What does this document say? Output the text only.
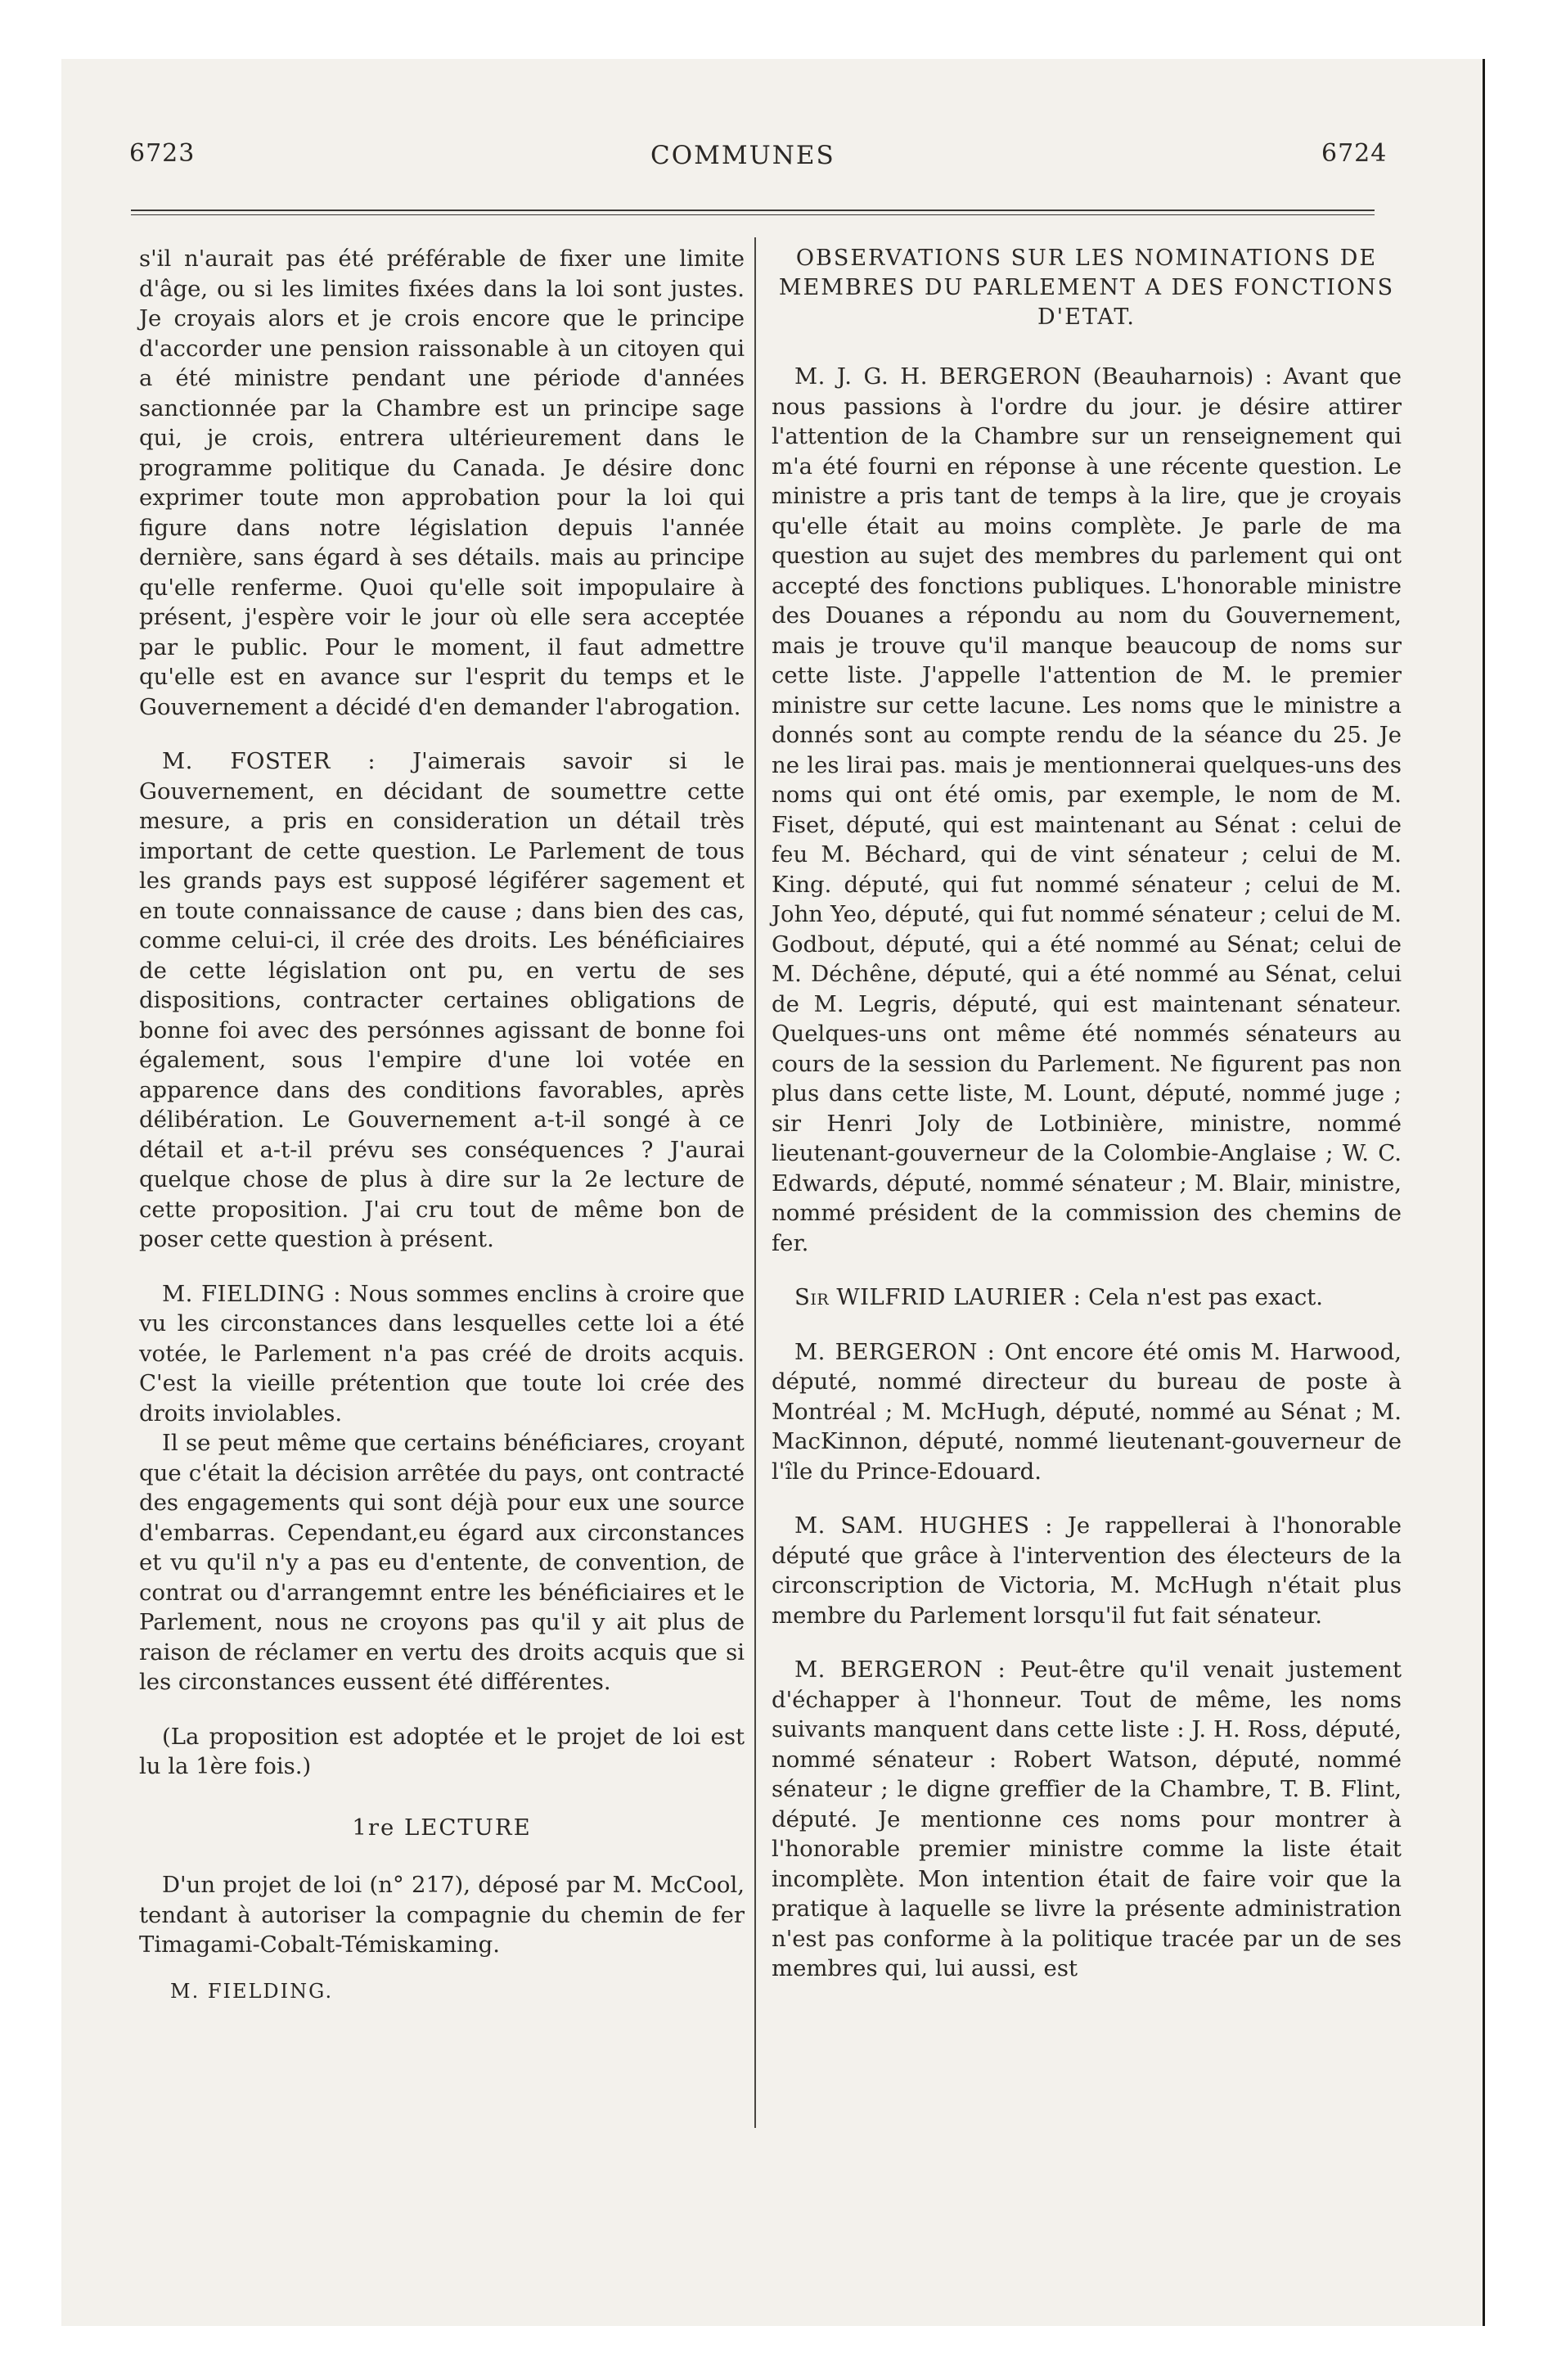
6723	COMMUNES	6724

s'il n'aurait pas été préférable de fixer une limite d'âge, ou si les limites fixées dans la loi sont justes. Je croyais alors et je crois encore que le principe d'accorder une pension raissonable à un citoyen qui a été ministre pendant une période d'années sanctionnée par la Chambre est un principe sage qui, je crois, entrera ultérieurement dans le programme politique du Canada. Je désire donc exprimer toute mon approbation pour la loi qui figure dans notre législation depuis l'année dernière, sans égard à ses détails. mais au principe qu'elle renferme. Quoi qu'elle soit impopulaire à présent, j'espère voir le jour où elle sera acceptée par le public. Pour le moment, il faut admettre qu'elle est en avance sur l'esprit du temps et le Gouvernement a décidé d'en demander l'abrogation.

M. FOSTER : J'aimerais savoir si le Gouvernement, en décidant de soumettre cette mesure, a pris en consideration un détail très important de cette question. Le Parlement de tous les grands pays est supposé légiférer sagement et en toute connaissance de cause ; dans bien des cas, comme celui-ci, il crée des droits. Les bénéficiaires de cette législation ont pu, en vertu de ses dispositions, contracter certaines obligations de bonne foi avec des persónnes agissant de bonne foi également, sous l'empire d'une loi votée en apparence dans des conditions favorables, après délibération. Le Gouvernement a-t-il songé à ce détail et a-t-il prévu ses conséquences ? J'aurai quelque chose de plus à dire sur la 2e lecture de cette proposition. J'ai cru tout de même bon de poser cette question à présent.

M. FIELDING : Nous sommes enclins à croire que vu les circonstances dans lesquelles cette loi a été votée, le Parlement n'a pas créé de droits acquis. C'est la vieille prétention que toute loi crée des droits inviolables.

Il se peut même que certains bénéficiares, croyant que c'était la décision arrêtée du pays, ont contracté des engagements qui sont déjà pour eux une source d'embarras. Cependant,eu égard aux circonstances et vu qu'il n'y a pas eu d'entente, de convention, de contrat ou d'arrangemnt entre les bénéficiaires et le Parlement, nous ne croyons pas qu'il y ait plus de raison de réclamer en vertu des droits acquis que si les circonstances eussent été différentes.

(La proposition est adoptée et le projet de loi est lu la 1ère fois.)

1re LECTURE

D'un projet de loi (n° 217), déposé par M. McCool, tendant à autoriser la compagnie du chemin de fer Timagami-Cobalt-Témiskaming.

M. FIELDING.
OBSERVATIONS SUR LES NOMINATIONS DE MEMBRES DU PARLEMENT A DES FONCTIONS D'ETAT.

M. J. G. H. BERGERON (Beauharnois) : Avant que nous passions à l'ordre du jour. je désire attirer l'attention de la Chambre sur un renseignement qui m'a été fourni en réponse à une récente question. Le ministre a pris tant de temps à la lire, que je croyais qu'elle était au moins complète. Je parle de ma question au sujet des membres du parlement qui ont accepté des fonctions publiques. L'honorable ministre des Douanes a répondu au nom du Gouvernement, mais je trouve qu'il manque beaucoup de noms sur cette liste. J'appelle l'attention de M. le premier ministre sur cette lacune. Les noms que le ministre a donnés sont au compte rendu de la séance du 25. Je ne les lirai pas. mais je mentionnerai quelques-uns des noms qui ont été omis, par exemple, le nom de M. Fiset, député, qui est maintenant au Sénat : celui de feu M. Béchard, qui de vint sénateur ; celui de M. King. député, qui fut nommé sénateur ; celui de M. John Yeo, député, qui fut nommé sénateur ; celui de M. Godbout, député, qui a été nommé au Sénat; celui de M. Déchêne, député, qui a été nommé au Sénat, celui de M. Legris, député, qui est maintenant sénateur. Quelques-uns ont même été nommés sénateurs au cours de la session du Parlement. Ne figurent pas non plus dans cette liste, M. Lount, député, nommé juge ; sir Henri Joly de Lotbinière, ministre, nommé lieutenant-gouverneur de la Colombie-Anglaise ; W. C. Edwards, député, nommé sénateur ; M. Blair, ministre, nommé président de la commission des chemins de fer.

Sir WILFRID LAURIER : Cela n'est pas exact.

M. BERGERON : Ont encore été omis M. Harwood, député, nommé directeur du bureau de poste à Montréal ; M. McHugh, député, nommé au Sénat ; M. MacKinnon, député, nommé lieutenant-gouverneur de l'île du Prince-Edouard.

M. SAM. HUGHES : Je rappellerai à l'honorable député que grâce à l'intervention des électeurs de la circonscription de Victoria, M. McHugh n'était plus membre du Parlement lorsqu'il fut fait sénateur.

M. BERGERON : Peut-être qu'il venait justement d'échapper à l'honneur. Tout de même, les noms suivants manquent dans cette liste : J. H. Ross, député, nommé sénateur : Robert Watson, député, nommé sénateur ; le digne greffier de la Chambre, T. B. Flint, député. Je mentionne ces noms pour montrer à l'honorable premier ministre comme la liste était incomplète. Mon intention était de faire voir que la pratique à laquelle se livre la présente administration n'est pas conforme à la politique tracée par un de ses membres qui, lui aussi, est
